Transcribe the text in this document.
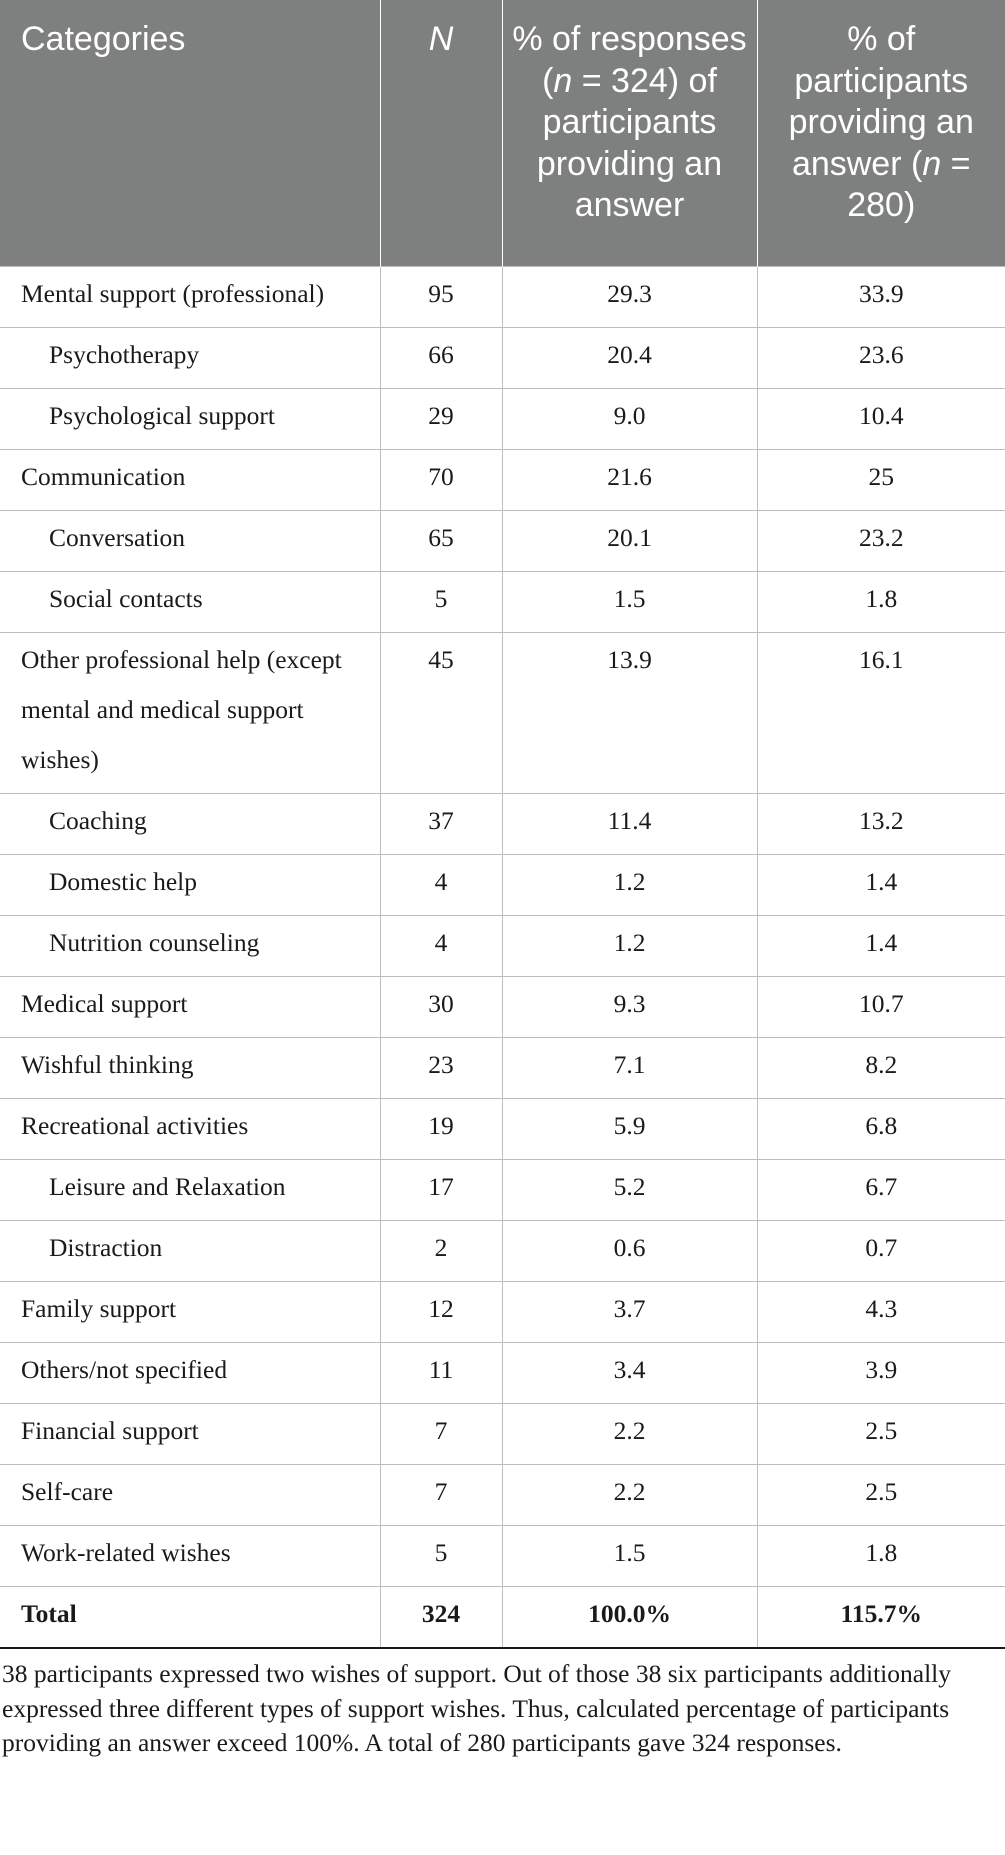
Categories	N	% of responses (n = 324) of participants providing an answer	% of participants providing an answer (n = 280)
Mental support (professional)	95	29.3	33.9
Psychotherapy	66	20.4	23.6
Psychological support	29	9.0	10.4
Communication	70	21.6	25
Conversation	65	20.1	23.2
Social contacts	5	1.5	1.8
Other professional help (except mental and medical support wishes)	45	13.9	16.1
Coaching	37	11.4	13.2
Domestic help	4	1.2	1.4
Nutrition counseling	4	1.2	1.4
Medical support	30	9.3	10.7
Wishful thinking	23	7.1	8.2
Recreational activities	19	5.9	6.8
Leisure and Relaxation	17	5.2	6.7
Distraction	2	0.6	0.7
Family support	12	3.7	4.3
Others/not specified	11	3.4	3.9
Financial support	7	2.2	2.5
Self-care	7	2.2	2.5
Work-related wishes	5	1.5	1.8
Total	324	100.0%	115.7%

38 participants expressed two wishes of support. Out of those 38 six participants additionally expressed three different types of support wishes. Thus, calculated percentage of participants providing an answer exceed 100%. A total of 280 participants gave 324 responses.
